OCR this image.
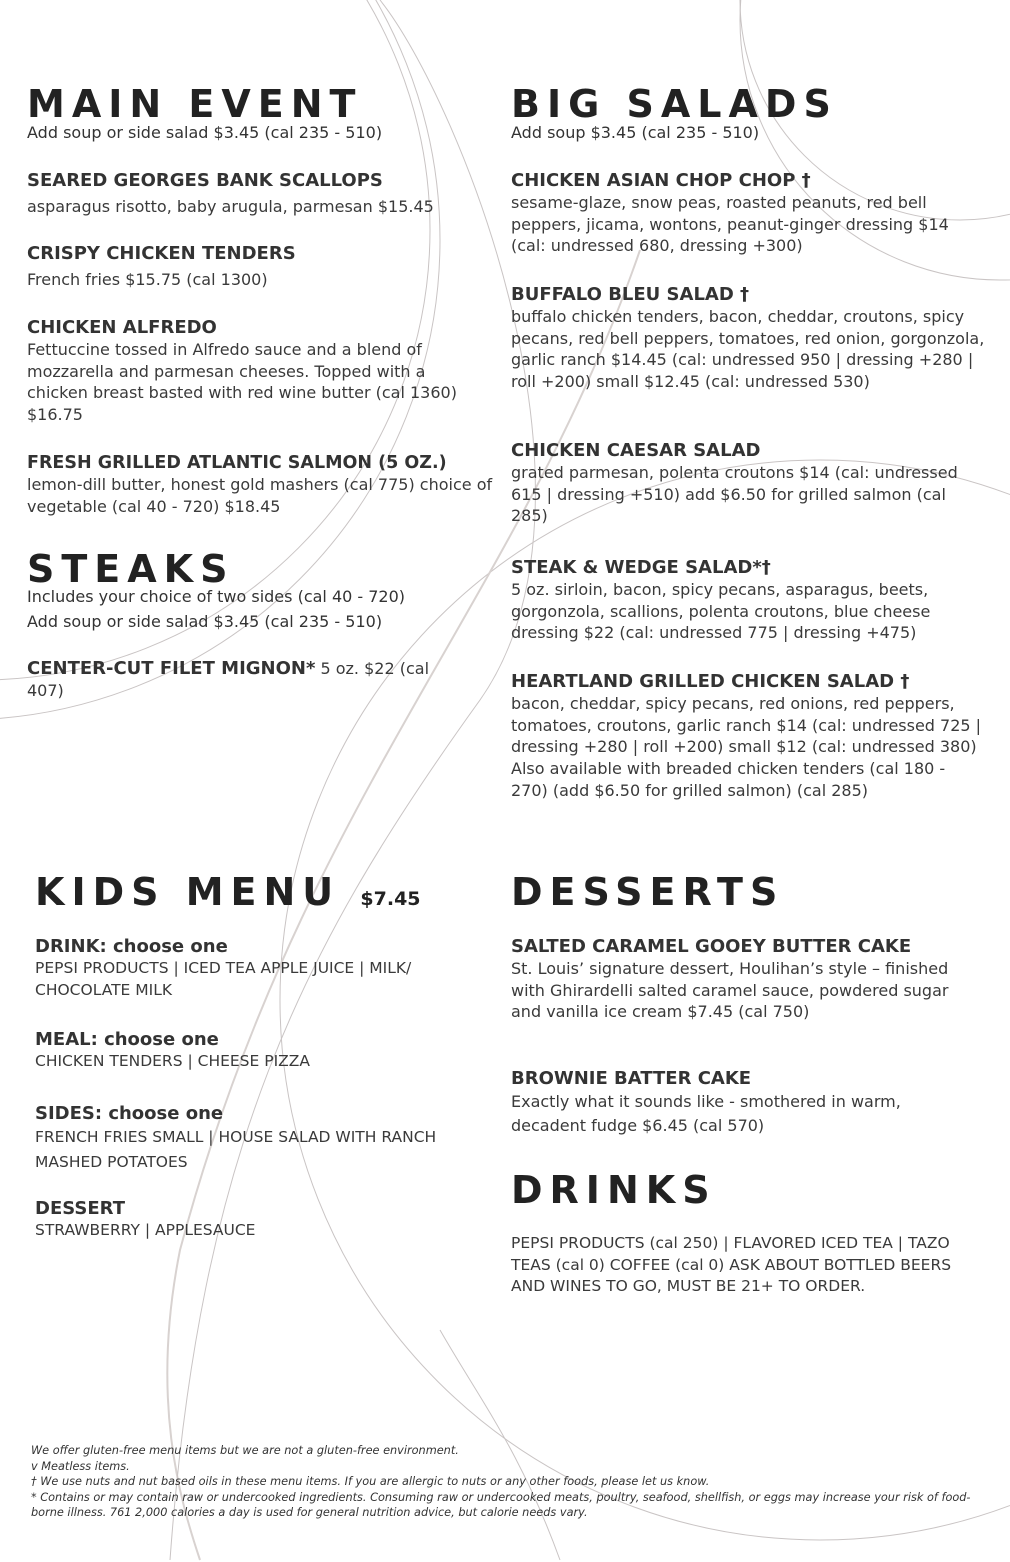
MAIN EVENT
Add soup or side salad $3.45 (cal 235 - 510)
SEARED GEORGES BANK SCALLOPS
asparagus risotto, baby arugula, parmesan $15.45
CRISPY CHICKEN TENDERS
French fries $15.75 (cal 1300)
CHICKEN ALFREDO
Fettuccine tossed in Alfredo sauce and a blend of mozzarella and parmesan cheeses. Topped with a chicken breast basted with red wine butter (cal 1360) $16.75
FRESH GRILLED ATLANTIC SALMON (5 OZ.)
lemon-dill butter, honest gold mashers (cal 775) choice of vegetable (cal 40 - 720) $18.45
STEAKS
Includes your choice of two sides (cal 40 - 720)
Add soup or side salad $3.45 (cal 235 - 510)
CENTER-CUT FILET MIGNON* 5 oz. $22 (cal 407)
BIG SALADS
Add soup $3.45 (cal 235 - 510)
CHICKEN ASIAN CHOP CHOP †
sesame-glaze, snow peas, roasted peanuts, red bell peppers, jicama, wontons, peanut-ginger dressing $14 (cal: undressed 680, dressing +300)
BUFFALO BLEU SALAD †
buffalo chicken tenders, bacon, cheddar, croutons, spicy pecans, red bell peppers, tomatoes, red onion, gorgonzola, garlic ranch $14.45 (cal: undressed 950 | dressing +280 | roll +200) small $12.45 (cal: undressed 530)
CHICKEN CAESAR SALAD
grated parmesan, polenta croutons $14 (cal: undressed 615 | dressing +510) add $6.50 for grilled salmon (cal 285)
STEAK & WEDGE SALAD*†
5 oz. sirloin, bacon, spicy pecans, asparagus, beets, gorgonzola, scallions, polenta croutons, blue cheese dressing $22 (cal: undressed 775 | dressing +475)
HEARTLAND GRILLED CHICKEN SALAD †
bacon, cheddar, spicy pecans, red onions, red peppers, tomatoes, croutons, garlic ranch $14 (cal: undressed 725 | dressing +280 | roll +200) small $12 (cal: undressed 380)
Also available with breaded chicken tenders (cal 180 - 270) (add $6.50 for grilled salmon) (cal 285)
KIDS MENU $7.45
DRINK: choose one
PEPSI PRODUCTS | ICED TEA APPLE JUICE | MILK/ CHOCOLATE MILK
MEAL: choose one
CHICKEN TENDERS | CHEESE PIZZA
SIDES: choose one
FRENCH FRIES SMALL | HOUSE SALAD WITH RANCH MASHED POTATOES
DESSERT
STRAWBERRY | APPLESAUCE
DESSERTS
SALTED CARAMEL GOOEY BUTTER CAKE
St. Louis’ signature dessert, Houlihan’s style – finished with Ghirardelli salted caramel sauce, powdered sugar and vanilla ice cream $7.45 (cal 750)
BROWNIE BATTER CAKE
Exactly what it sounds like - smothered in warm, decadent fudge $6.45 (cal 570)
DRINKS
PEPSI PRODUCTS (cal 250) | FLAVORED ICED TEA | TAZO TEAS (cal 0) COFFEE (cal 0) ASK ABOUT BOTTLED BEERS AND WINES TO GO, MUST BE 21+ TO ORDER.
We offer gluten-free menu items but we are not a gluten-free environment.
v Meatless items.
† We use nuts and nut based oils in these menu items. If you are allergic to nuts or any other foods, please let us know.
* Contains or may contain raw or undercooked ingredients. Consuming raw or undercooked meats, poultry, seafood, shellfish, or eggs may increase your risk of food-borne illness. 761 2,000 calories a day is used for general nutrition advice, but calorie needs vary.
